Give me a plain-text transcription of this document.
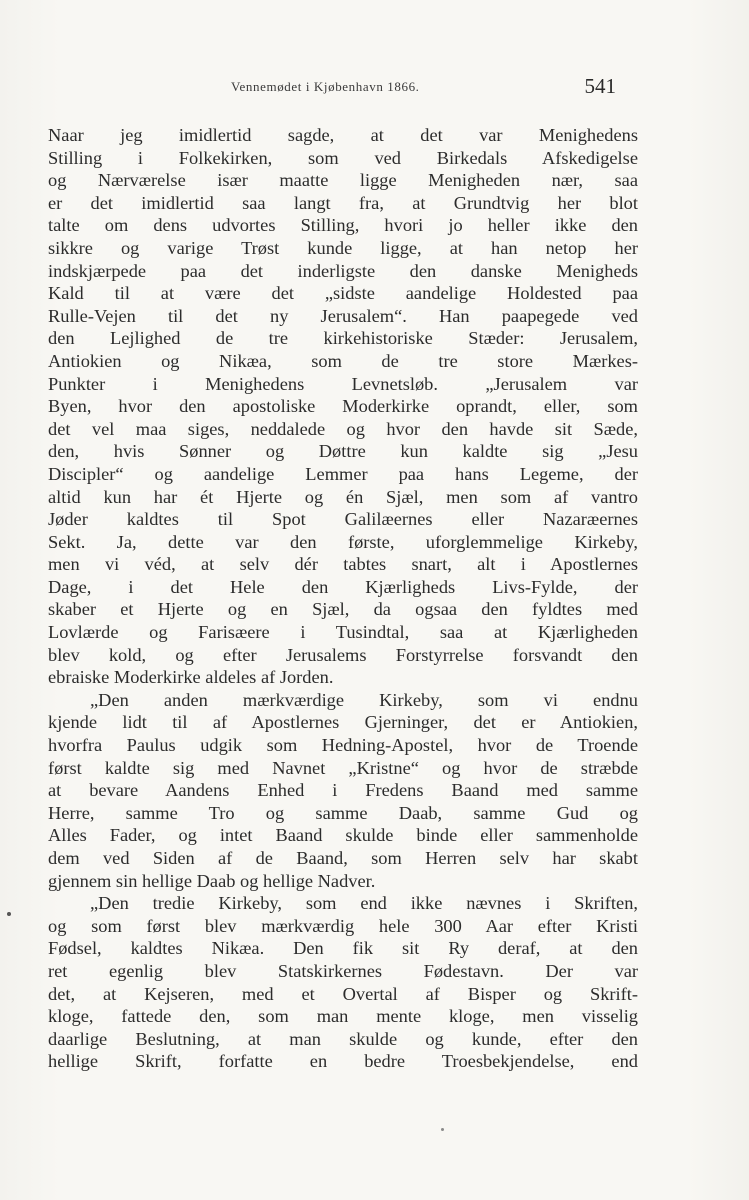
Vennemødet i Kjøbenhavn 1866.	541
Naar jeg imidlertid sagde, at det var Menighedens
Stilling i Folkekirken, som ved Birkedals Afskedigelse
og Nærværelse især maatte ligge Menigheden nær, saa
er det imidlertid saa langt fra, at Grundtvig her blot
talte om dens udvortes Stilling, hvori jo heller ikke den
sikkre og varige Trøst kunde ligge, at han netop her
indskjærpede paa det inderligste den danske Menigheds
Kald til at være det „sidste aandelige Holdested paa
Rulle-Vejen til det ny Jerusalem“. Han paapegede ved
den Lejlighed de tre kirkehistoriske Stæder: Jerusalem,
Antiokien og Nikæa, som de tre store Mærkes-
Punkter i Menighedens Levnetsløb. „Jerusalem var
Byen, hvor den apostoliske Moderkirke oprandt, eller, som
det vel maa siges, neddalede og hvor den havde sit Sæde,
den, hvis Sønner og Døttre kun kaldte sig „Jesu
Discipler“ og aandelige Lemmer paa hans Legeme, der
altid kun har ét Hjerte og én Sjæl, men som af vantro
Jøder kaldtes til Spot Galilæernes eller Nazaræernes
Sekt. Ja, dette var den første, uforglemmelige Kirkeby,
men vi véd, at selv dér tabtes snart, alt i Apostlernes
Dage, i det Hele den Kjærligheds Livs-Fylde, der
skaber et Hjerte og en Sjæl, da ogsaa den fyldtes med
Lovlærde og Farisæere i Tusindtal, saa at Kjærligheden
blev kold, og efter Jerusalems Forstyrrelse forsvandt den
ebraiske Moderkirke aldeles af Jorden.
„Den anden mærkværdige Kirkeby, som vi endnu
kjende lidt til af Apostlernes Gjerninger, det er Antiokien,
hvorfra Paulus udgik som Hedning-Apostel, hvor de Troende
først kaldte sig med Navnet „Kristne“ og hvor de stræbde
at bevare Aandens Enhed i Fredens Baand med samme
Herre, samme Tro og samme Daab, samme Gud og
Alles Fader, og intet Baand skulde binde eller sammenholde
dem ved Siden af de Baand, som Herren selv har skabt
gjennem sin hellige Daab og hellige Nadver.
„Den tredie Kirkeby, som end ikke nævnes i Skriften,
og som først blev mærkværdig hele 300 Aar efter Kristi
Fødsel, kaldtes Nikæa. Den fik sit Ry deraf, at den
ret egenlig blev Statskirkernes Fødestavn. Der var
det, at Kejseren, med et Overtal af Bisper og Skrift-
kloge, fattede den, som man mente kloge, men visselig
daarlige Beslutning, at man skulde og kunde, efter den
hellige Skrift, forfatte en bedre Troesbekjendelse, end
